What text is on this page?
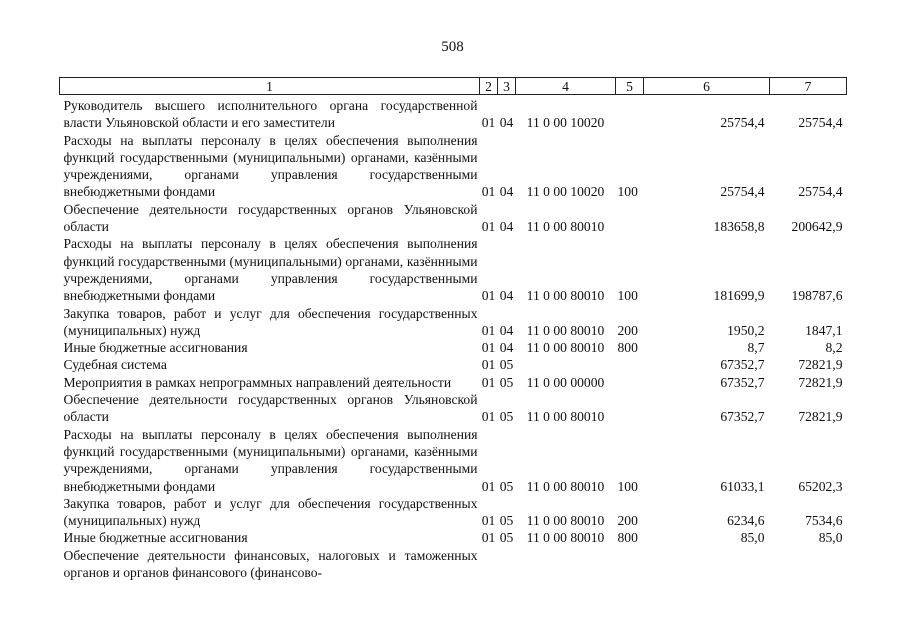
508
1	2	3	4	5	6	7
Руководитель высшего исполнительного органа государственной власти Ульяновской области и его заместители	01	04	11 0 00 10020		25754,4	25754,4
Расходы на выплаты персоналу в целях обеспечения выполнения функций государственными (муниципальными) органами, казёнными учреждениями, органами управления государственными внебюджетными фондами	01	04	11 0 00 10020	100	25754,4	25754,4
Обеспечение деятельности государственных органов Ульяновской области	01	04	11 0 00 80010		183658,8	200642,9
Расходы на выплаты персоналу в целях обеспечения выполнения функций государственными (муниципальными) органами, казённными учреждениями, органами управления государственными внебюджетными фондами	01	04	11 0 00 80010	100	181699,9	198787,6
Закупка товаров, работ и услуг для обеспечения государственных (муниципальных) нужд	01	04	11 0 00 80010	200	1950,2	1847,1
Иные бюджетные ассигнования	01	04	11 0 00 80010	800	8,7	8,2
Судебная система	01	05			67352,7	72821,9
Мероприятия в рамках непрограммных направлений деятельности	01	05	11 0 00 00000		67352,7	72821,9
Обеспечение деятельности государственных органов Ульяновской области	01	05	11 0 00 80010		67352,7	72821,9
Расходы на выплаты персоналу в целях обеспечения выполнения функций государственными (муниципальными) органами, казёнными учреждениями, органами управления государственными внебюджетными фондами	01	05	11 0 00 80010	100	61033,1	65202,3
Закупка товаров, работ и услуг для обеспечения государственных (муниципальных) нужд	01	05	11 0 00 80010	200	6234,6	7534,6
Иные бюджетные ассигнования	01	05	11 0 00 80010	800	85,0	85,0
Обеспечение деятельности финансовых, налоговых и таможенных органов и органов финансового (финансово-						
